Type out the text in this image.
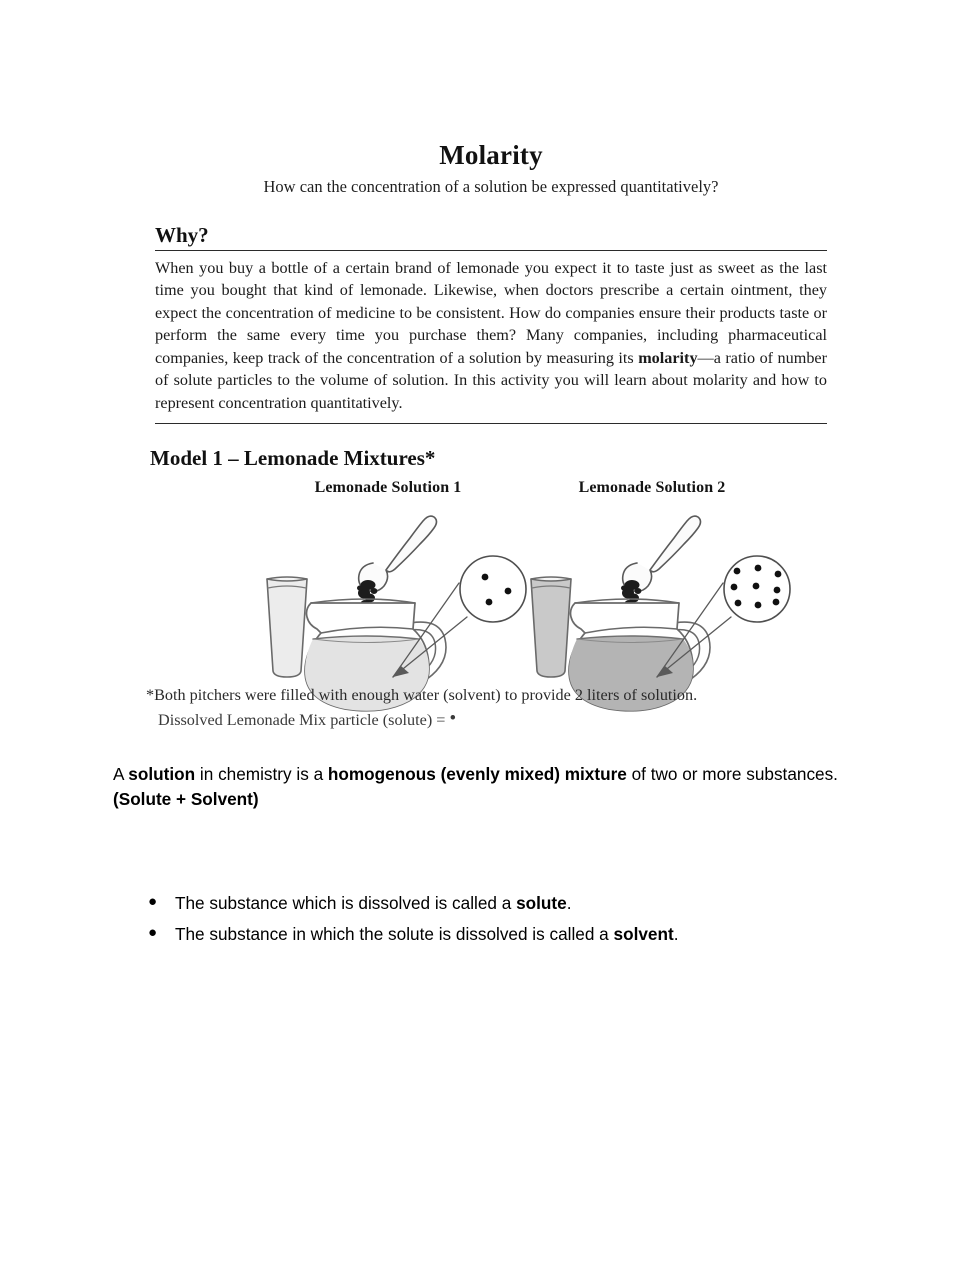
Molarity

How can the concentration of a solution be expressed quantitatively?

Why?

When you buy a bottle of a certain brand of lemonade you expect it to taste just as sweet as the last time you bought that kind of lemonade. Likewise, when doctors prescribe a certain ointment, they expect the concentration of medicine to be consistent. How do companies ensure their products taste or perform the same every time you purchase them? Many companies, including pharmaceutical companies, keep track of the concentration of a solution by measuring its molarity—a ratio of number of solute particles to the volume of solution. In this activity you will learn about molarity and how to represent concentration quantitatively.

Model 1 – Lemonade Mixtures*

Lemonade Solution 1	Lemonade Solution 2

*Both pitchers were filled with enough water (solvent) to provide 2 liters of solution.

Dissolved Lemonade Mix particle (solute) = •

A solution in chemistry is a homogenous (evenly mixed) mixture of two or more substances.
(Solute + Solvent)

● The substance which is dissolved is called a solute.
● The substance in which the solute is dissolved is called a solvent.
